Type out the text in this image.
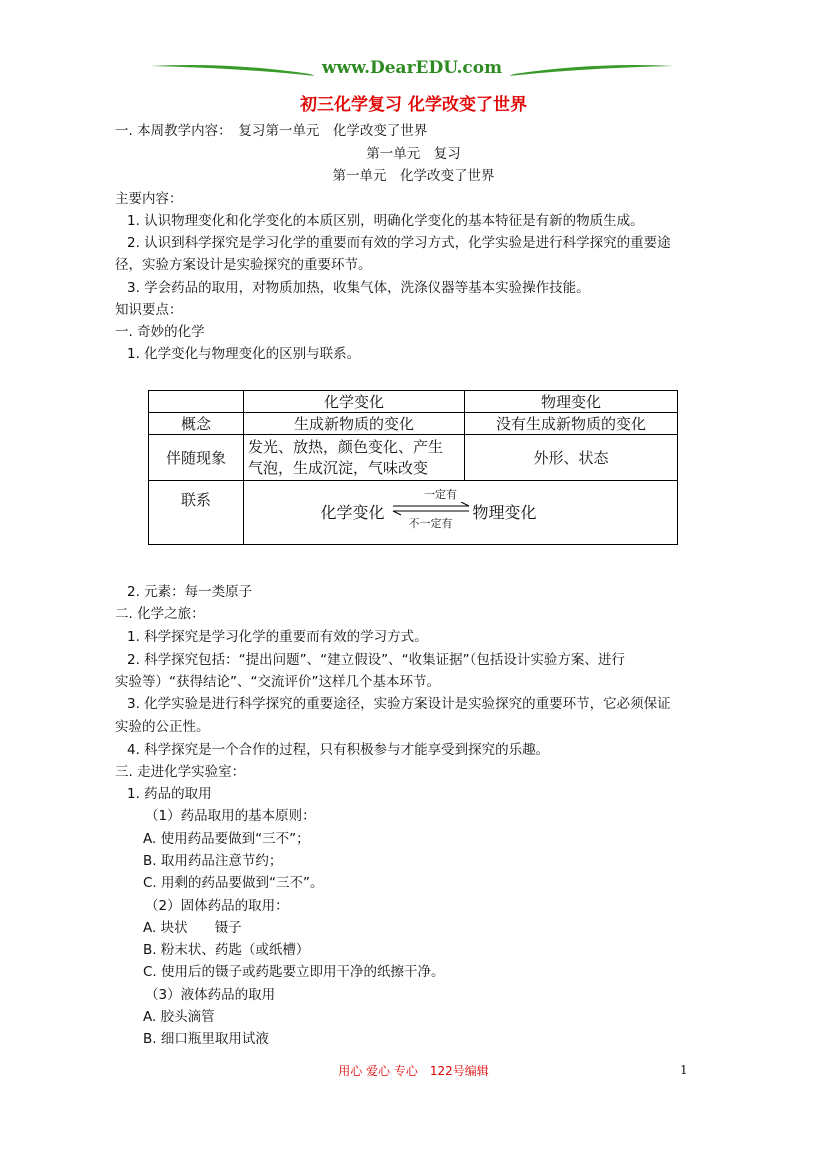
www.DearEDU.com
初三化学复习 化学改变了世界
一. 本周教学内容：　复习第一单元　化学改变了世界
第一单元　复习
第一单元　化学改变了世界
主要内容：
1. 认识物理变化和化学变化的本质区别，明确化学变化的基本特征是有新的物质生成。
2. 认识到科学探究是学习化学的重要而有效的学习方式，化学实验是进行科学探究的重要途
径，实验方案设计是实验探究的重要环节。
3. 学会药品的取用，对物质加热，收集气体，洗涤仪器等基本实验操作技能。
知识要点：
一. 奇妙的化学
1. 化学变化与物理变化的区别与联系。
	化学变化	物理变化
概念	生成新物质的变化	没有生成新物质的变化
伴随现象	发光、放热，颜色变化、产生
气泡，生成沉淀，气味改变	外形、状态
联系	化学变化
一定有
不一定有
物理变化	
2. 元素：每一类原子
二. 化学之旅：
1. 科学探究是学习化学的重要而有效的学习方式。
2. 科学探究包括：“提出问题”、“建立假设”、“收集证据”（包括设计实验方案、进行
实验等）“获得结论”、“交流评价”这样几个基本环节。
3. 化学实验是进行科学探究的重要途径，实验方案设计是实验探究的重要环节，它必须保证
实验的公正性。
4. 科学探究是一个合作的过程，只有积极参与才能享受到探究的乐趣。
三. 走进化学实验室：
1. 药品的取用
（1）药品取用的基本原则：
A. 使用药品要做到“三不”；
B. 取用药品注意节约；
C. 用剩的药品要做到“三不”。
（2）固体药品的取用：
A. 块状　　镊子
B. 粉末状、药匙（或纸槽）
C. 使用后的镊子或药匙要立即用干净的纸擦干净。
（3）液体药品的取用
A. 胶头滴管
B. 细口瓶里取用试液
用心 爱心 专心　122号编辑	1
